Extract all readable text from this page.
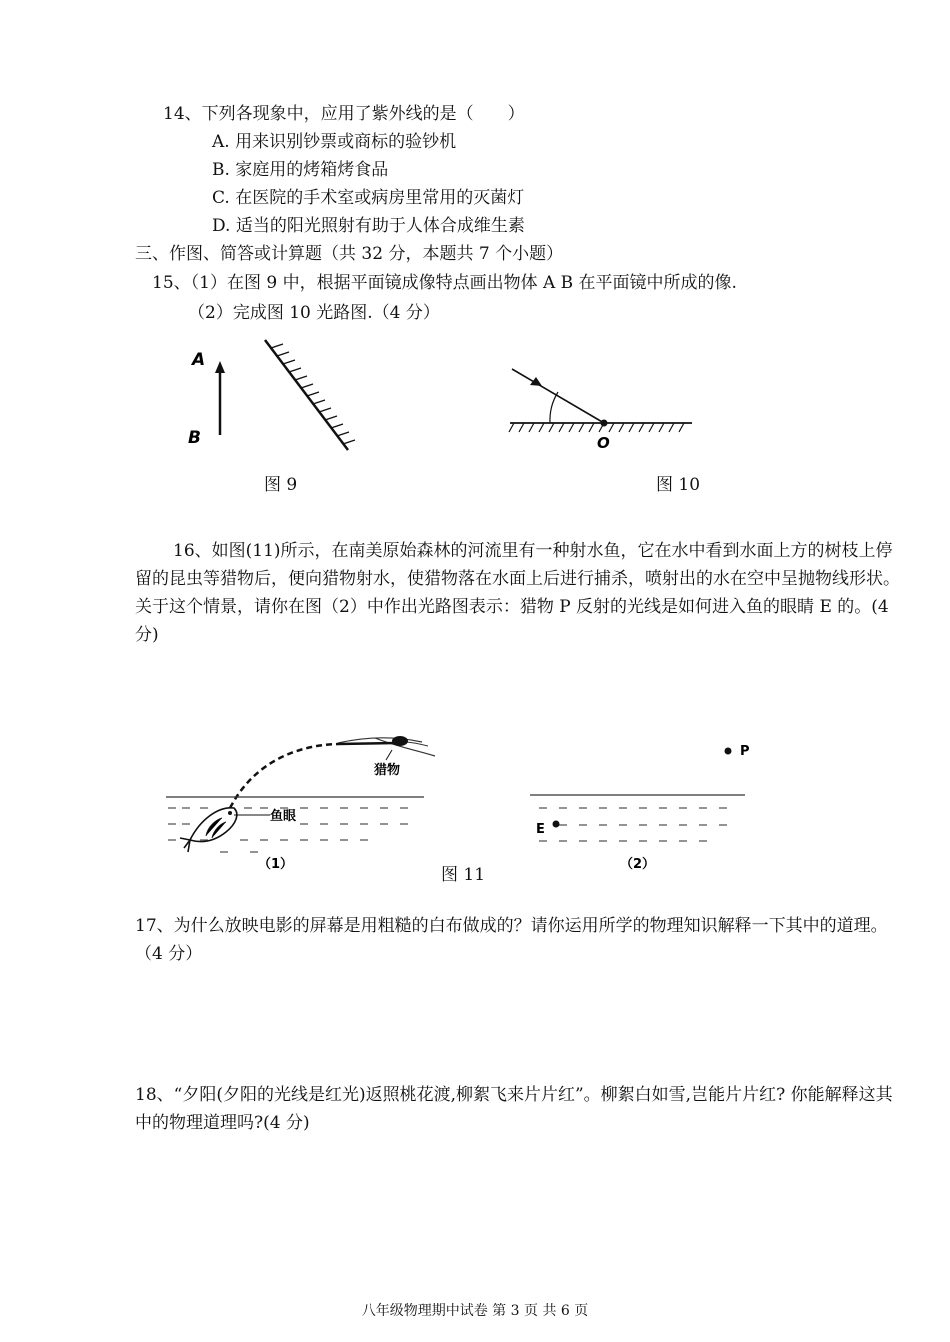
14、下列各现象中，应用了紫外线的是（　　）
A. 用来识别钞票或商标的验钞机
B. 家庭用的烤箱烤食品
C. 在医院的手术室或病房里常用的灭菌灯
D. 适当的阳光照射有助于人体合成维生素
三、作图、简答或计算题（共 32 分，本题共 7 个小题）
15、（1）在图 9 中，根据平面镜成像特点画出物体 A B 在平面镜中所成的像.
（2）完成图 10 光路图.（4 分）
A
B
图 9
O
图 10
16、如图(11)所示，在南美原始森林的河流里有一种射水鱼，它在水中看到水面上方的树枝上停留的昆虫等猎物后，便向猎物射水，使猎物落在水面上后进行捕杀，喷射出的水在空中呈抛物线形状。关于这个情景，请你在图（2）中作出光路图表示：猎物 P 反射的光线是如何进入鱼的眼睛 E 的。(4 分)
猎物
鱼眼
（1）
P
E
（2）
图 11
17、为什么放映电影的屏幕是用粗糙的白布做成的？请你运用所学的物理知识解释一下其中的道理。（4 分）
18、“夕阳(夕阳的光线是红光)返照桃花渡,柳絮飞来片片红”。柳絮白如雪,岂能片片红? 你能解释这其中的物理道理吗?(4 分)
八年级物理期中试卷 第 3 页 共 6 页
